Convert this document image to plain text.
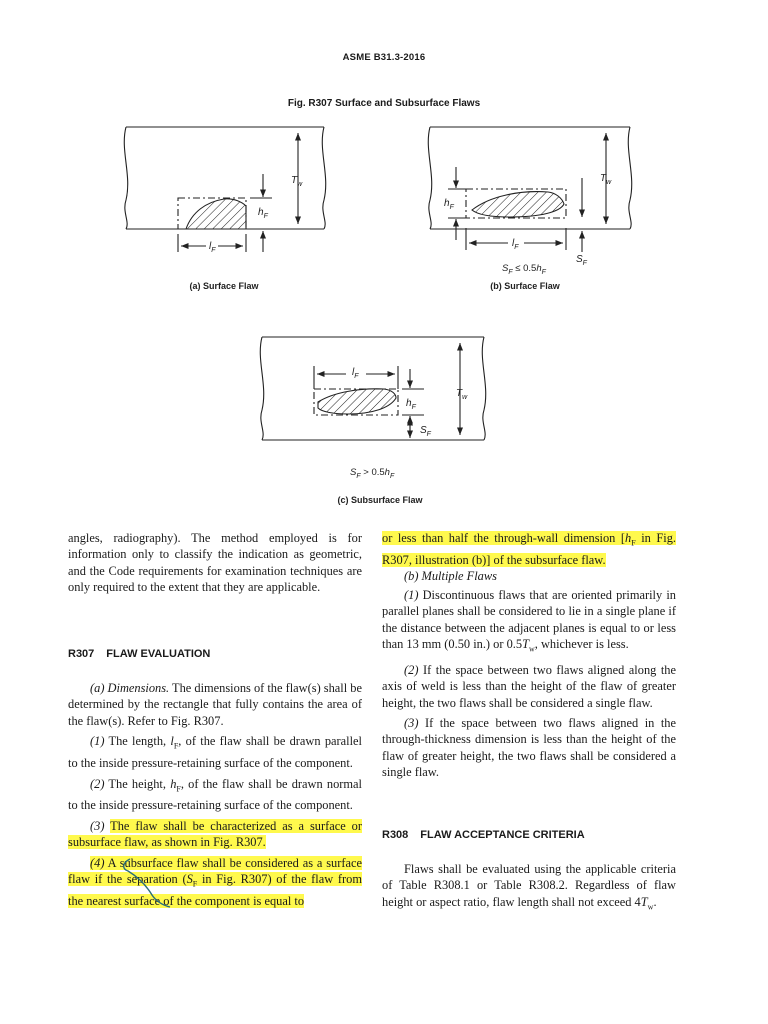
ASME B31.3-2016
Fig. R307 Surface and Subsurface Flaws
$T_w$
$h_F$
$l_F$
(a) Surface Flaw
$T_w$
$h_F$
$l_F$
$S_F$
$S_F \le 0.5h_F$
(b) Surface Flaw
$l_F$
$T_w$
$h_F$
$S_F$
$S_F > 0.5h_F$
(c) Subsurface Flaw

angles, radiography). The method employed is for information only to classify the indication as geometric, and the Code requirements for examination techniques are only required to the extent that they are applicable.

R307 FLAW EVALUATION

(a) Dimensions. The dimensions of the flaw(s) shall be determined by the rectangle that fully contains the area of the flaw(s). Refer to Fig. R307.

(1) The length, $l_F$, of the flaw shall be drawn parallel to the inside pressure-retaining surface of the component.

(2) The height, $h_F$, of the flaw shall be drawn normal to the inside pressure-retaining surface of the component.

(3) The flaw shall be characterized as a surface or subsurface flaw, as shown in Fig. R307.

(4) A subsurface flaw shall be considered as a surface flaw if the separation ($S_F$ in Fig. R307) of the flaw from the nearest surface of the component is equal to

or less than half the through-wall dimension [$h_F$ in Fig. R307, illustration (b)] of the subsurface flaw.

(b) Multiple Flaws

(1) Discontinuous flaws that are oriented primarily in parallel planes shall be considered to lie in a single plane if the distance between the adjacent planes is equal to or less than 13 mm (0.50 in.) or $0.5T_w$, whichever is less.

(2) If the space between two flaws aligned along the axis of weld is less than the height of the flaw of greater height, the two flaws shall be considered a single flaw.

(3) If the space between two flaws aligned in the through-thickness dimension is less than the height of the flaw of greater height, the two flaws shall be considered a single flaw.

R308 FLAW ACCEPTANCE CRITERIA

Flaws shall be evaluated using the applicable criteria of Table R308.1 or Table R308.2. Regardless of flaw height or aspect ratio, flaw length shall not exceed $4T_w$.
